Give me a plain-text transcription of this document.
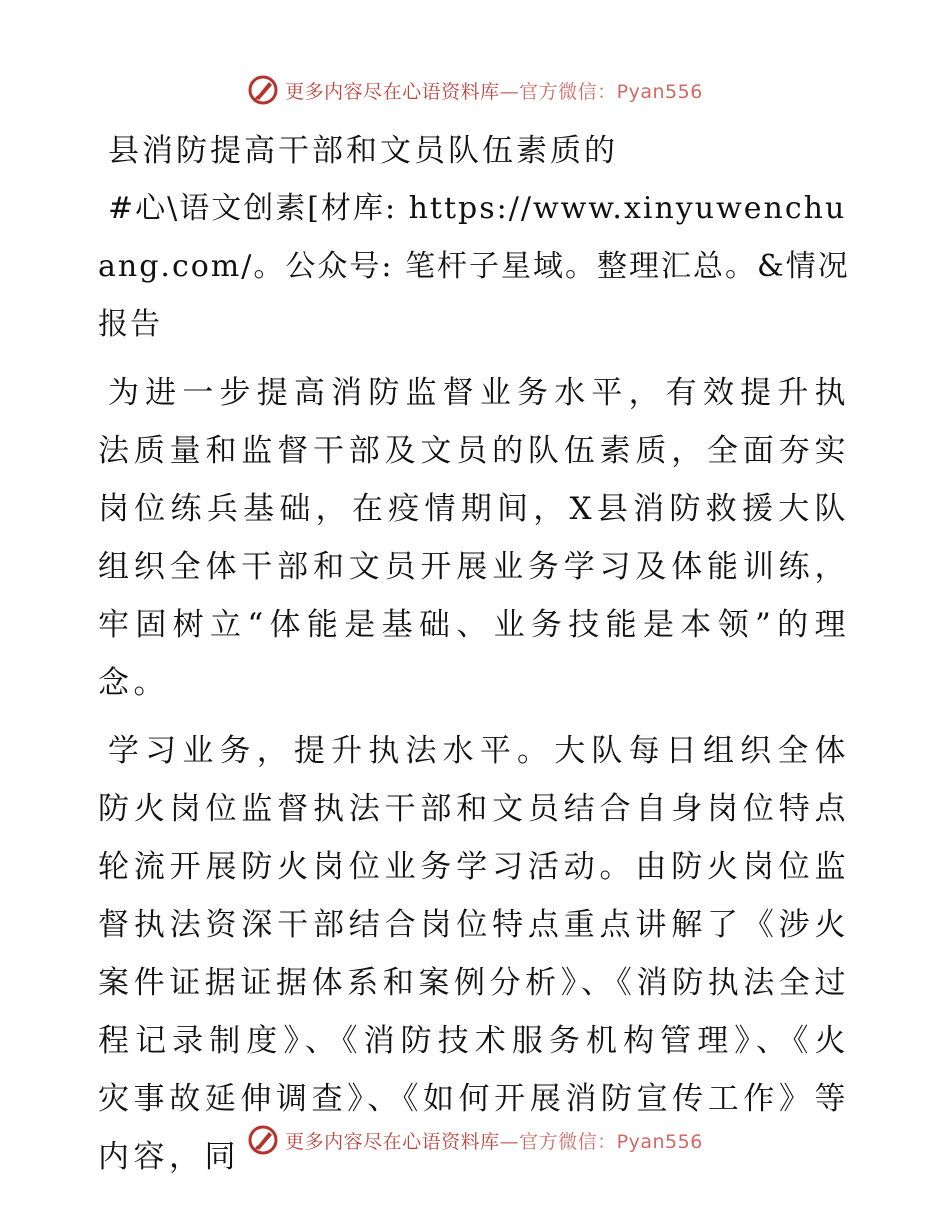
更多内容尽在心语资料库—官方微信：Pyan556
县消防提高干部和文员队伍素质的
#心\语文创素[材库: https://www.xinyuwenchuang.com/。公众号: 笔杆子星域。整理汇总。&情况报告
为进一步提高消防监督业务水平，有效提升执法质量和监督干部及文员的队伍素质，全面夯实岗位练兵基础，在疫情期间，X县消防救援大队组织全体干部和文员开展业务学习及体能训练，牢固树立“体能是基础、业务技能是本领”的理念。
学习业务，提升执法水平。大队每日组织全体防火岗位监督执法干部和文员结合自身岗位特点轮流开展防火岗位业务学习活动。由防火岗位监督执法资深干部结合岗位特点重点讲解了《涉火案件证据证据体系和案例分析》、《消防执法全过程记录制度》、《消防技术服务机构管理》、《火灾事故延伸调查》、《如何开展消防宣传工作》等内容，同	更多内容尽在心语资料库—官方微信：Pyan556
